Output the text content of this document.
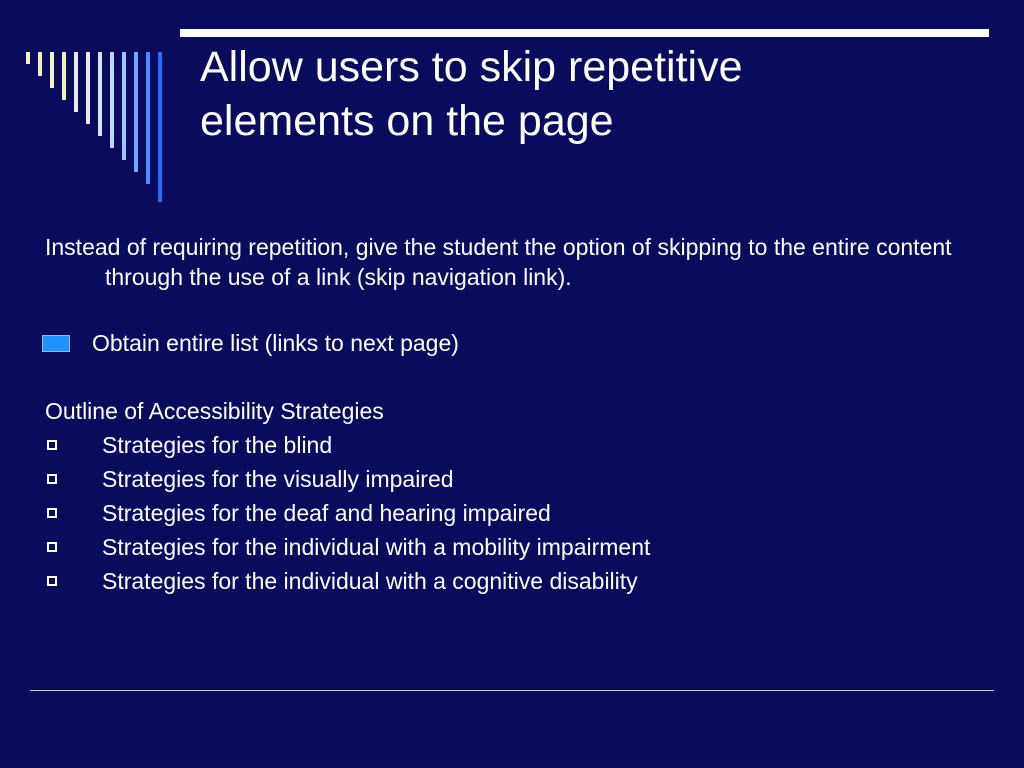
Allow users to skip repetitive
elements on the page

Instead of requiring repetition, give the student the option of skipping to the entire content through the use of a link (skip navigation link).

Obtain entire list (links to next page)

Outline of Accessibility Strategies

Strategies for the blind
Strategies for the visually impaired
Strategies for the deaf and hearing impaired
Strategies for the individual with a mobility impairment
Strategies for the individual with a cognitive disability
